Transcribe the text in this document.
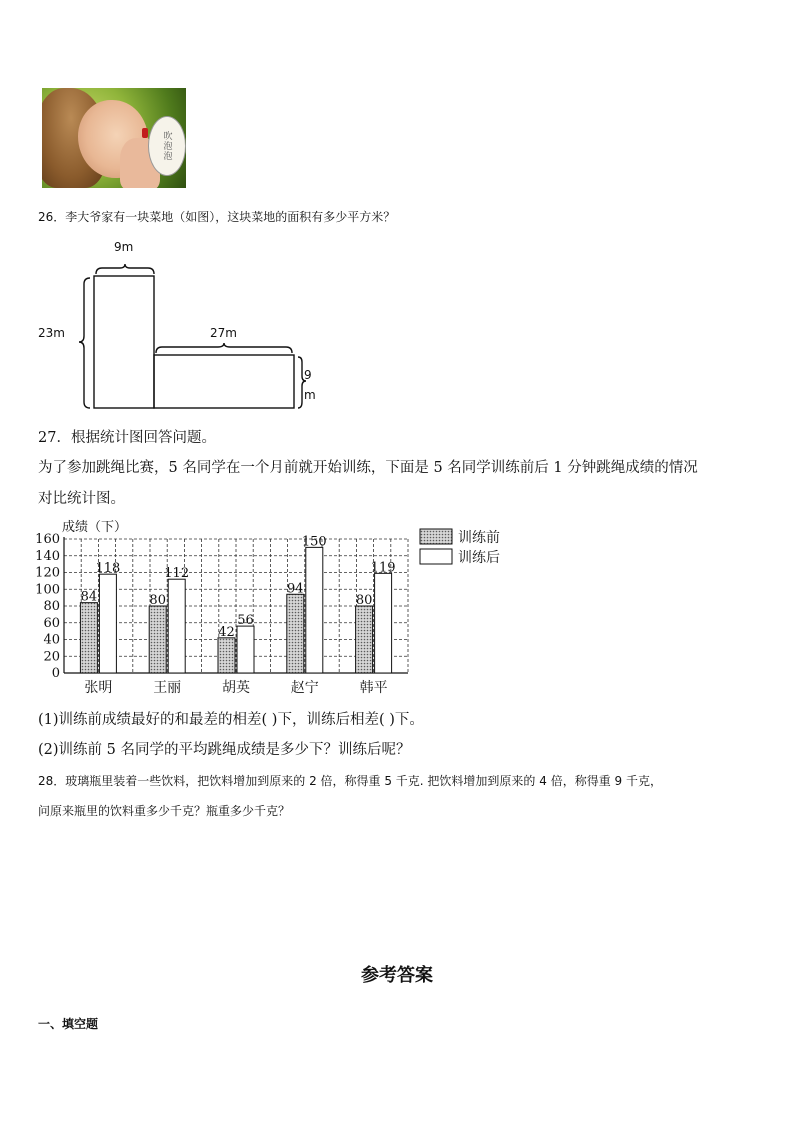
吹泡泡
26．李大爷家有一块菜地（如图），这块菜地的面积有多少平方米？
9m
23m	27m
9
m
27．根据统计图回答问题。
为了参加跳绳比赛，5 名同学在一个月前就开始训练，下面是 5 名同学训练前后 1 分钟跳绳成绩的情况
对比统计图。
0
20
40
60
80
100
120
140
160
84
118
张明
80
112
王丽
42
56
胡英
94
150
赵宁
80
119
韩平
成绩（下）
训练前
训练后
(1)训练前成绩最好的和最差的相差( )下，训练后相差( )下。
(2)训练前 5 名同学的平均跳绳成绩是多少下？训练后呢？
28．玻璃瓶里装着一些饮料，把饮料增加到原来的 2 倍，称得重 5 千克. 把饮料增加到原来的 4 倍，称得重 9 千克，
问原来瓶里的饮料重多少千克？瓶重多少千克？
参考答案
一、填空题
